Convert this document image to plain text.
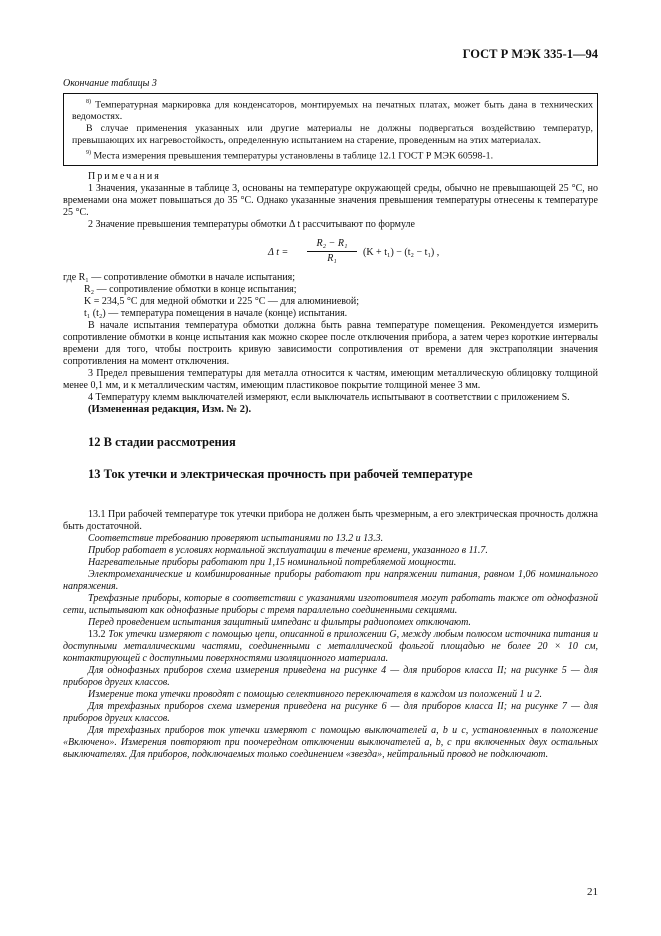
ГОСТ Р МЭК 335-1—94
Окончание таблицы 3

$^{8)}$ Температурная маркировка для конденсаторов, монтируемых на печатных платах, может быть дана в технических ведомостях.

В случае применения указанных или другие материалы не должны подвергаться воздействию температур, превышающих их нагревостойкость, определенную испытанием на старение, проведенным на этих материалах.

$^{9)}$ Места измерения превышения температуры установлены в таблице 12.1 ГОСТ Р МЭК 60598-1.

Примечания

1 Значения, указанные в таблице 3, основаны на температуре окружающей среды, обычно не превышающей 25 °С, но временами она может повышаться до 35 °С. Однако указанные значения превышения температуры отнесены к температуре 25 °С.

2 Значение превышения температуры обмотки Δ t рассчитывают по формуле

Δ $t = \frac{\text{R₂ − R₁}}{\text{R₁}} (K + t_1) - (t_2 - t_1)$ ,
где R₁ — сопротивление обмотки в начале испытания;
R₂ — сопротивление обмотки в конце испытания;
K = 234,5 °С для медной обмотки и 225 °С — для алюминиевой;
t₁ (t₂) — температура помещения в начале (конце) испытания.

В начале испытания температура обмотки должна быть равна температуре помещения. Рекомендуется измерить сопротивление обмотки в конце испытания как можно скорее после отключения прибора, а затем через короткие интервалы времени для того, чтобы построить кривую зависимости сопротивления от времени для экстраполяции значения сопротивления на момент отключения.

3 Предел превышения температуры для металла относится к частям, имеющим металлическую облицовку толщиной менее 0,1 мм, и к металлическим частям, имеющим пластиковое покрытие толщиной менее 3 мм.

4 Температуру клемм выключателей измеряют, если выключатель испытывают в соответствии с приложением S.

(Измененная редакция, Изм. № 2).

12 В стадии рассмотрения

13 Ток утечки и электрическая прочность при рабочей температуре

13.1 При рабочей температуре ток утечки прибора не должен быть чрезмерным, а его электрическая прочность должна быть достаточной.

Соответствие требованию проверяют испытаниями по 13.2 и 13.3.

Прибор работает в условиях нормальной эксплуатации в течение времени, указанного в 11.7.

Нагревательные приборы работают при 1,15 номинальной потребляемой мощности.

Электромеханические и комбинированные приборы работают при напряжении питания, равном 1,06 номинального напряжения.

Трехфазные приборы, которые в соответствии с указаниями изготовителя могут работать также от однофазной сети, испытывают как однофазные приборы с тремя параллельно соединенными секциями.

Перед проведением испытания защитный импеданс и фильтры радиопомех отключают.

13.2 Ток утечки измеряют с помощью цепи, описанной в приложении G, между любым полюсом источника питания и доступными металлическими частями, соединенными с металлической фольгой площадью не более 20 × 10 см, контактирующей с доступными поверхностями изоляционного материала.

Для однофазных приборов схема измерения приведена на рисунке 4 — для приборов класса II; на рисунке 5 — для приборов других классов.

Измерение тока утечки проводят с помощью селективного переключателя в каждом из положений 1 и 2.

Для трехфазных приборов схема измерения приведена на рисунке 6 — для приборов класса II; на рисунке 7 — для приборов других классов.

Для трехфазных приборов ток утечки измеряют с помощью выключателей a, b и c, установленных в положение «Включено». Измерения повторяют при поочередном отключении выключателей a, b, c при включенных двух остальных выключателях. Для приборов, подключаемых только соединением «звезда», нейтральный провод не подключают.

21
